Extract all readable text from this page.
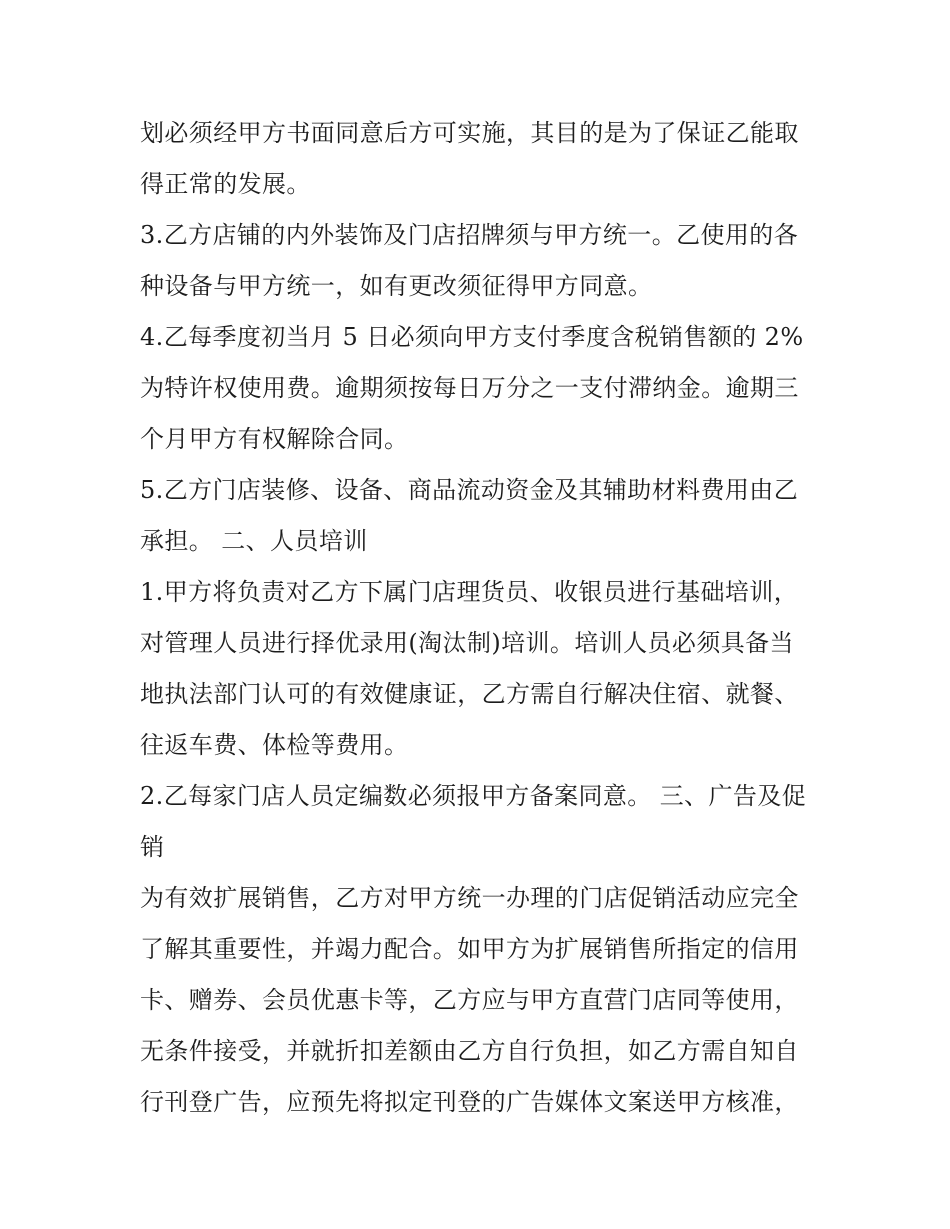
划必须经甲方书面同意后方可实施，其目的是为了保证乙能取
得正常的发展。
3.乙方店铺的内外装饰及门店招牌须与甲方统一。乙使用的各
种设备与甲方统一，如有更改须征得甲方同意。
4.乙每季度初当月 5 日必须向甲方支付季度含税销售额的 2%
为特许权使用费。逾期须按每日万分之一支付滞纳金。逾期三
个月甲方有权解除合同。
5.乙方门店装修、设备、商品流动资金及其辅助材料费用由乙
承担。 二、人员培训
1.甲方将负责对乙方下属门店理货员、收银员进行基础培训，
对管理人员进行择优录用(淘汰制)培训。培训人员必须具备当
地执法部门认可的有效健康证，乙方需自行解决住宿、就餐、
往返车费、体检等费用。
2.乙每家门店人员定编数必须报甲方备案同意。 三、广告及促
销
为有效扩展销售，乙方对甲方统一办理的门店促销活动应完全
了解其重要性，并竭力配合。如甲方为扩展销售所指定的信用
卡、赠券、会员优惠卡等，乙方应与甲方直营门店同等使用，
无条件接受，并就折扣差额由乙方自行负担，如乙方需自知自
行刊登广告，应预先将拟定刊登的广告媒体文案送甲方核准，
